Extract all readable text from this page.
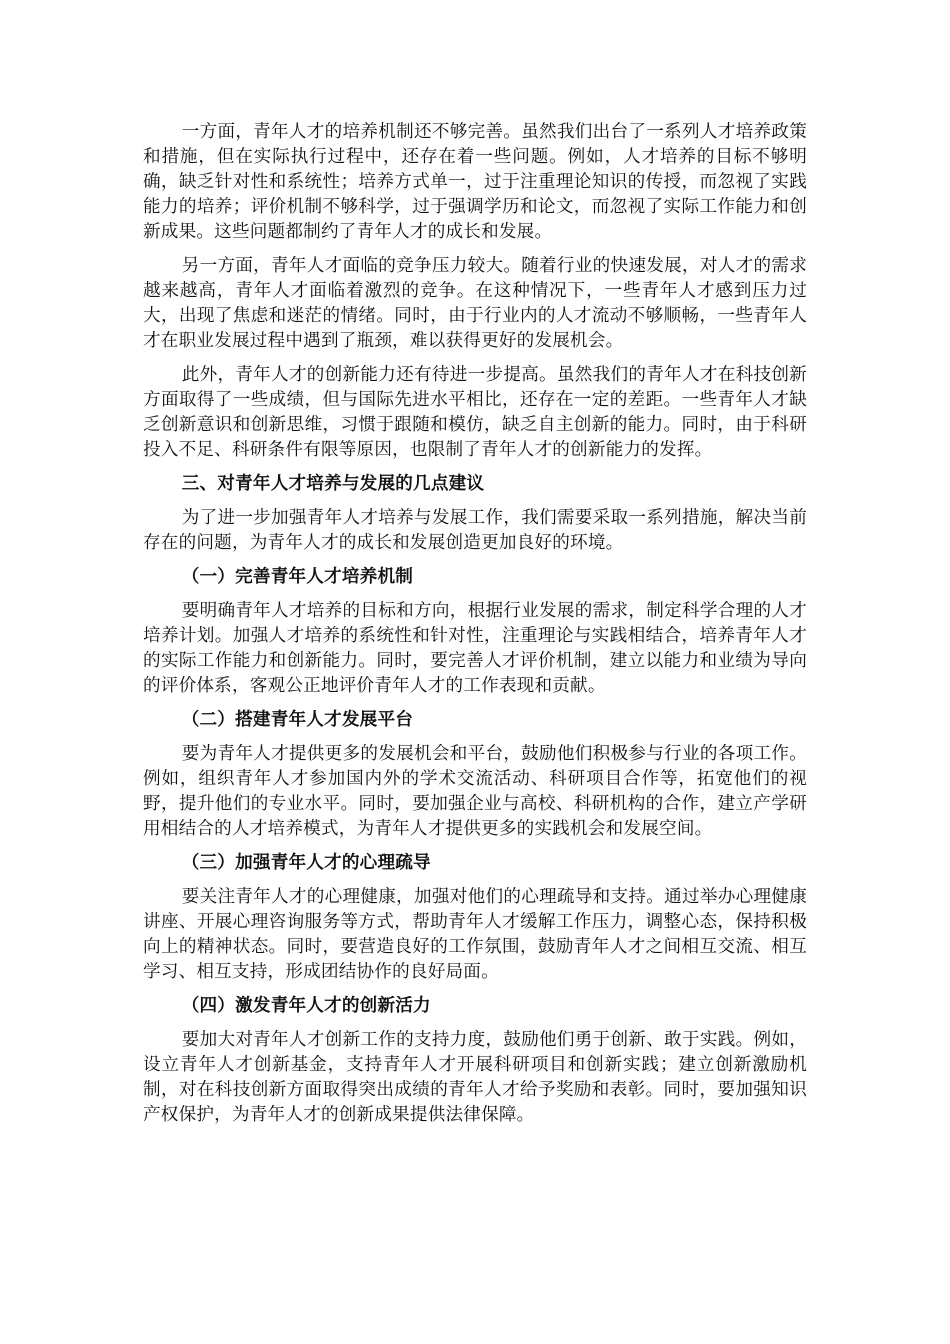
一方面，青年人才的培养机制还不够完善。虽然我们出台了一系列人才培养政策和措施，但在实际执行过程中，还存在着一些问题。例如，人才培养的目标不够明确，缺乏针对性和系统性；培养方式单一，过于注重理论知识的传授，而忽视了实践能力的培养；评价机制不够科学，过于强调学历和论文，而忽视了实际工作能力和创新成果。这些问题都制约了青年人才的成长和发展。

另一方面，青年人才面临的竞争压力较大。随着行业的快速发展，对人才的需求越来越高，青年人才面临着激烈的竞争。在这种情况下，一些青年人才感到压力过大，出现了焦虑和迷茫的情绪。同时，由于行业内的人才流动不够顺畅，一些青年人才在职业发展过程中遇到了瓶颈，难以获得更好的发展机会。

此外，青年人才的创新能力还有待进一步提高。虽然我们的青年人才在科技创新方面取得了一些成绩，但与国际先进水平相比，还存在一定的差距。一些青年人才缺乏创新意识和创新思维，习惯于跟随和模仿，缺乏自主创新的能力。同时，由于科研投入不足、科研条件有限等原因，也限制了青年人才的创新能力的发挥。

三、对青年人才培养与发展的几点建议

为了进一步加强青年人才培养与发展工作，我们需要采取一系列措施，解决当前存在的问题，为青年人才的成长和发展创造更加良好的环境。

（一）完善青年人才培养机制

要明确青年人才培养的目标和方向，根据行业发展的需求，制定科学合理的人才培养计划。加强人才培养的系统性和针对性，注重理论与实践相结合，培养青年人才的实际工作能力和创新能力。同时，要完善人才评价机制，建立以能力和业绩为导向的评价体系，客观公正地评价青年人才的工作表现和贡献。

（二）搭建青年人才发展平台

要为青年人才提供更多的发展机会和平台，鼓励他们积极参与行业的各项工作。例如，组织青年人才参加国内外的学术交流活动、科研项目合作等，拓宽他们的视野，提升他们的专业水平。同时，要加强企业与高校、科研机构的合作，建立产学研用相结合的人才培养模式，为青年人才提供更多的实践机会和发展空间。

（三）加强青年人才的心理疏导

要关注青年人才的心理健康，加强对他们的心理疏导和支持。通过举办心理健康讲座、开展心理咨询服务等方式，帮助青年人才缓解工作压力，调整心态，保持积极向上的精神状态。同时，要营造良好的工作氛围，鼓励青年人才之间相互交流、相互学习、相互支持，形成团结协作的良好局面。

（四）激发青年人才的创新活力

要加大对青年人才创新工作的支持力度，鼓励他们勇于创新、敢于实践。例如，设立青年人才创新基金，支持青年人才开展科研项目和创新实践；建立创新激励机制，对在科技创新方面取得突出成绩的青年人才给予奖励和表彰。同时，要加强知识产权保护，为青年人才的创新成果提供法律保障。
